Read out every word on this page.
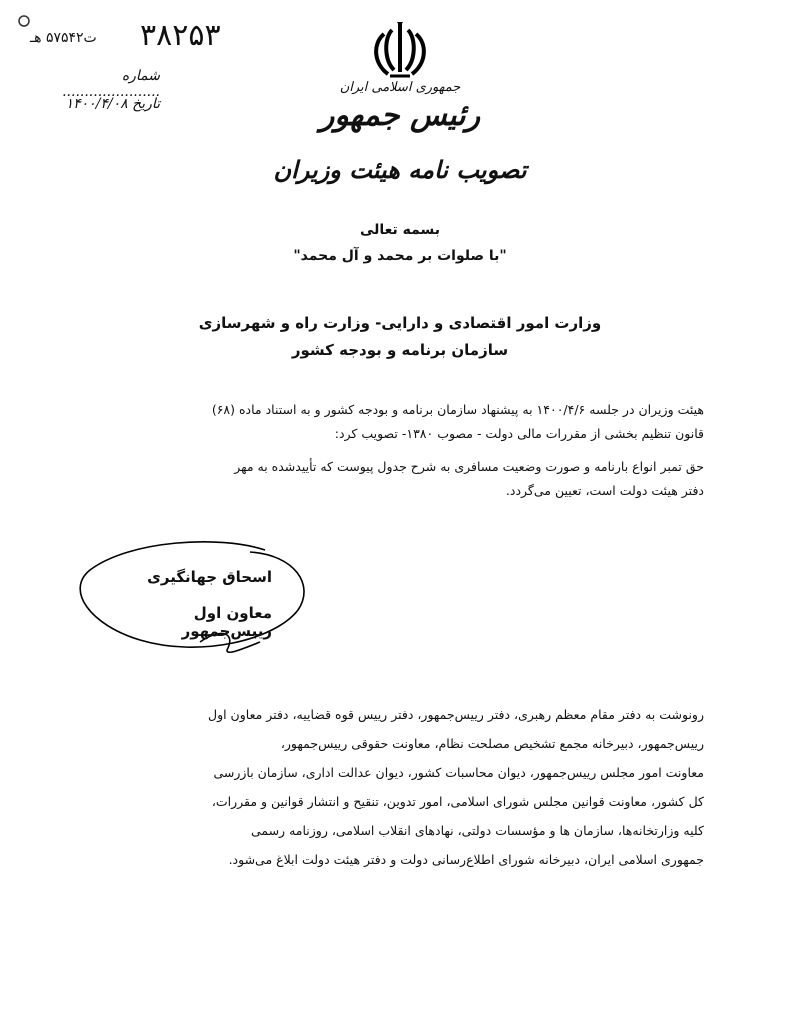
ت۵۷۵۴۲ هـ ۳۸۲۵۳
شماره ......................
تاریخ ۱۴۰۰/۴/۰۸
جمهوری اسلامی ایران
رئیس جمهور
تصویب نامه هیئت وزیران
بسمه تعالی
"با صلوات بر محمد و آل محمد"
وزارت امور اقتصادی و دارایی- وزارت راه و شهرسازی
سازمان برنامه و بودجه کشور
هیئت وزیران در جلسه ۱۴۰۰/۴/۶ به پیشنهاد سازمان برنامه و بودجه کشور و به استناد ماده (۶۸)
قانون تنظیم بخشی از مقررات مالی دولت - مصوب ۱۳۸۰- تصویب کرد:
حق تمبر انواع بارنامه و صورت وضعیت مسافری به شرح جدول پیوست که تأییدشده به مهر
دفتر هیئت دولت است، تعیین می‌گردد.
اسحاق جهانگیری
معاون اول رییس‌جمهور
رونوشت به دفتر مقام معظم رهبری، دفتر رییس‌جمهور، دفتر رییس قوه قضاییه، دفتر معاون اول
رییس‌جمهور، دبیرخانه مجمع تشخیص مصلحت نظام، معاونت حقوقی رییس‌جمهور،
معاونت امور مجلس رییس‌جمهور، دیوان محاسبات کشور، دیوان عدالت اداری، سازمان بازرسی
کل کشور، معاونت قوانین مجلس شورای اسلامی، امور تدوین، تنقیح و انتشار قوانین و مقررات،
کلیه وزارتخانه‌ها، سازمان ها و مؤسسات دولتی، نهادهای انقلاب اسلامی، روزنامه رسمی
جمهوری اسلامی ایران، دبیرخانه شورای اطلاع‌رسانی دولت و دفتر هیئت دولت ابلاغ می‌شود.
